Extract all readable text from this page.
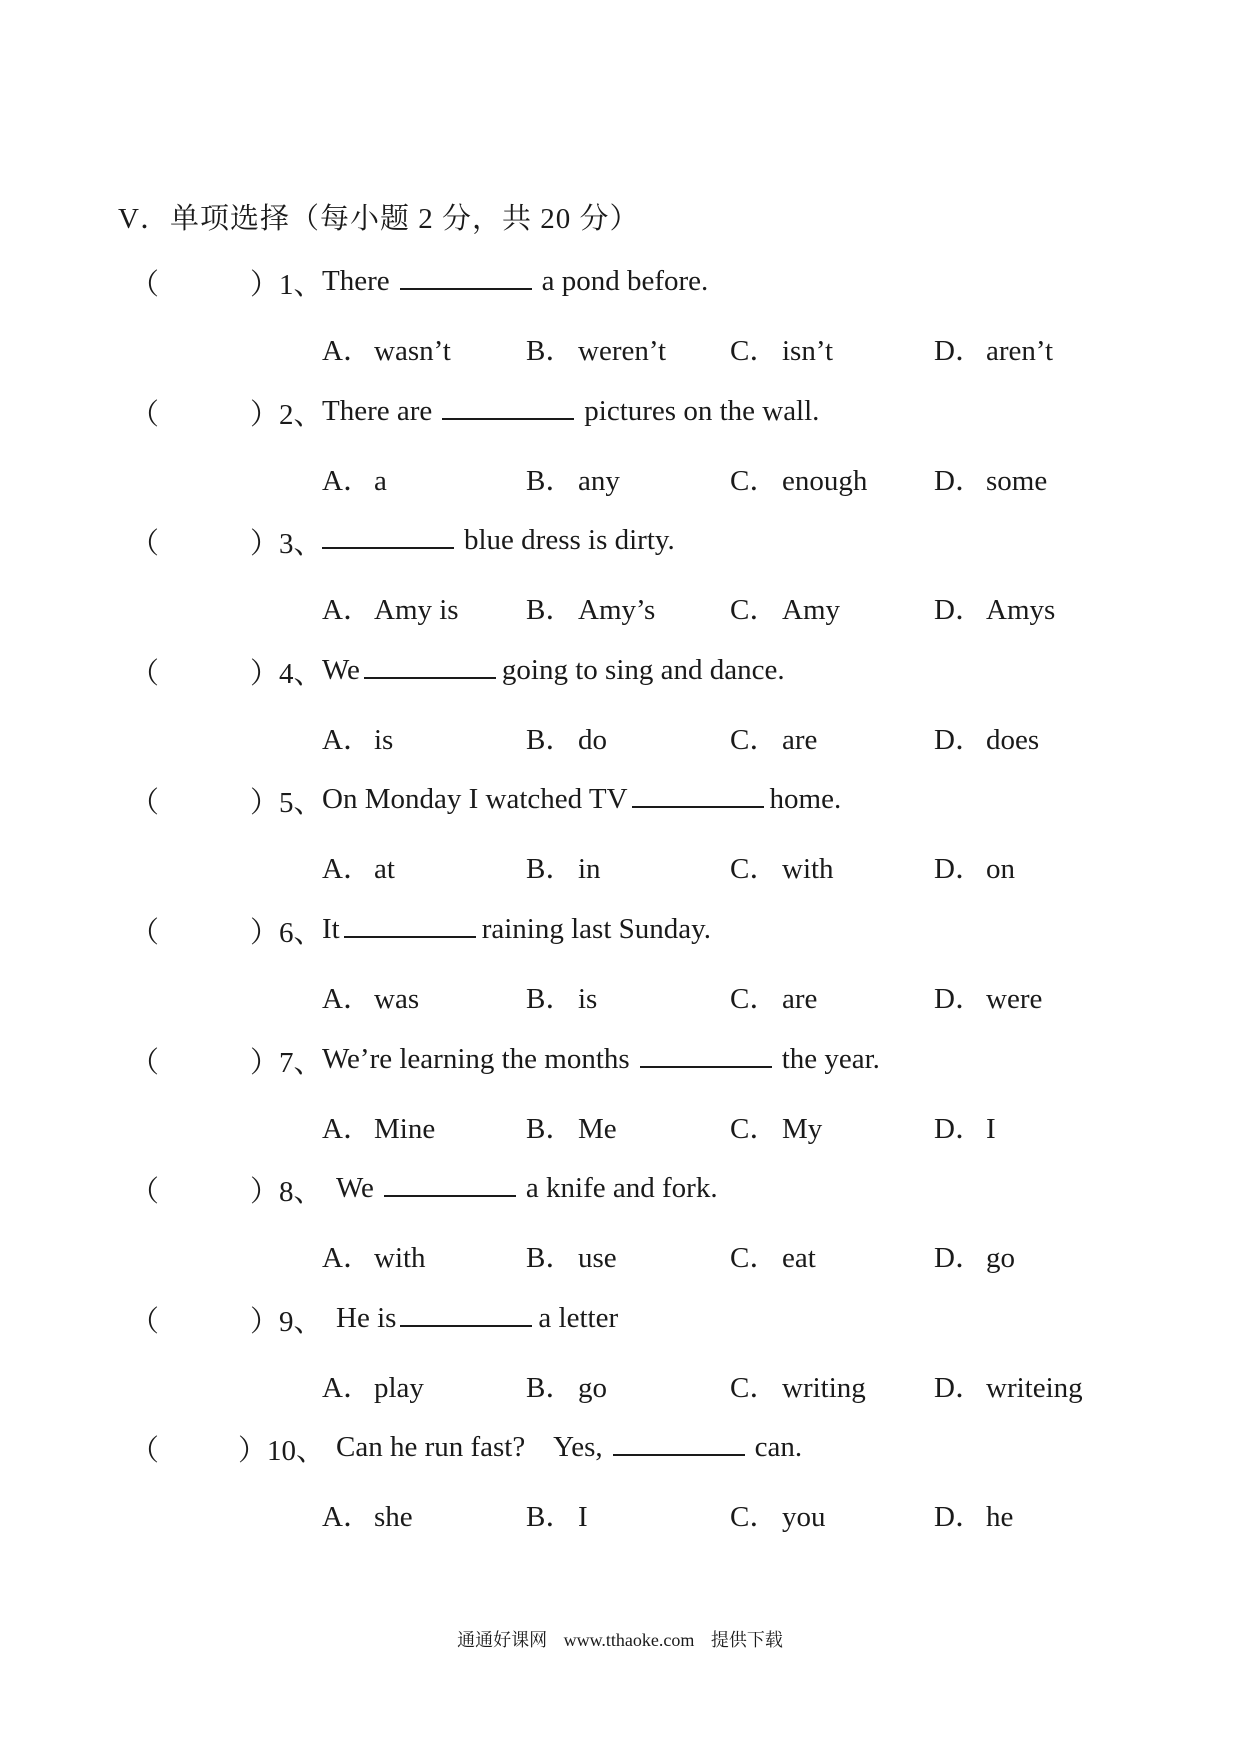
V．单项选择（每小题 2 分，共 20 分）
（	）1、 There	a pond before.
A．wasn’t	B． weren’t C． isn’t	D．aren’t
（	）2、 There are	pictures on the wall.
A．a	B． any	C． enough D．some
（	）3、	blue dress is dirty.
A．Amy is B． Amy’s	C． Amy	D．Amys
（	）4、 We	going to sing and dance.
A．is	B． do	C． are	D．does
（	）5、 On Monday I watched TV	home.
A．at	B． in	C． with	D．on
（	）6、 It	raining last Sunday.
A．was	B． is	C． are	D．were
（	）7、 We’re learning the months	the year.
A．Mine	B． Me	C． My	D．I
（	）8、 We	a knife and fork.
A．with	B． use	C． eat	D．go
（	）9、 He is	a letter
A．play	B． go	C． writing D．writeing
（	）10、 Can he run fast?    Yes,	can.
A．she	B． I	C． you	D．he
通通好课网 www.tthaoke.com 提供下载
